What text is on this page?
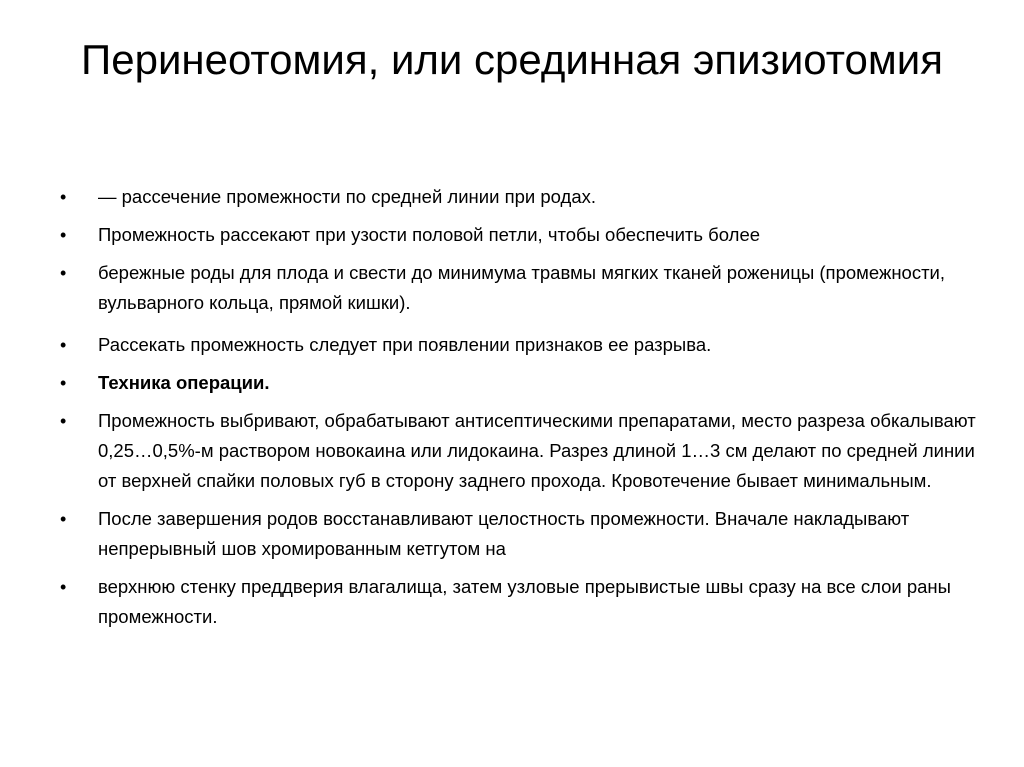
Перинеотомия, или срединная эпизиотомия
•	— рассечение промежности по средней линии при родах.
•	Промежность рассекают при узости половой петли, чтобы обеспечить более
•	бережные роды для плода и свести до минимума травмы мягких тканей роженицы (промежности, вульварного кольца, прямой кишки).
•	Рассекать промежность следует при появлении признаков ее разрыва.
•	Техника операции.
•	Промежность выбривают, обрабатывают антисептическими препаратами, место разреза обкалывают 0,25…0,5%-м раствором новокаина или лидокаина. Разрез длиной 1…3 см делают по средней линии от верхней спайки половых губ в сторону заднего прохода. Кровотечение бывает минимальным.
•	После завершения родов восстанавливают целостность промежности. Вначале накладывают непрерывный шов хромированным кетгутом на
•	верхнюю стенку преддверия влагалища, затем узловые прерывистые швы сразу на все слои раны промежности.
